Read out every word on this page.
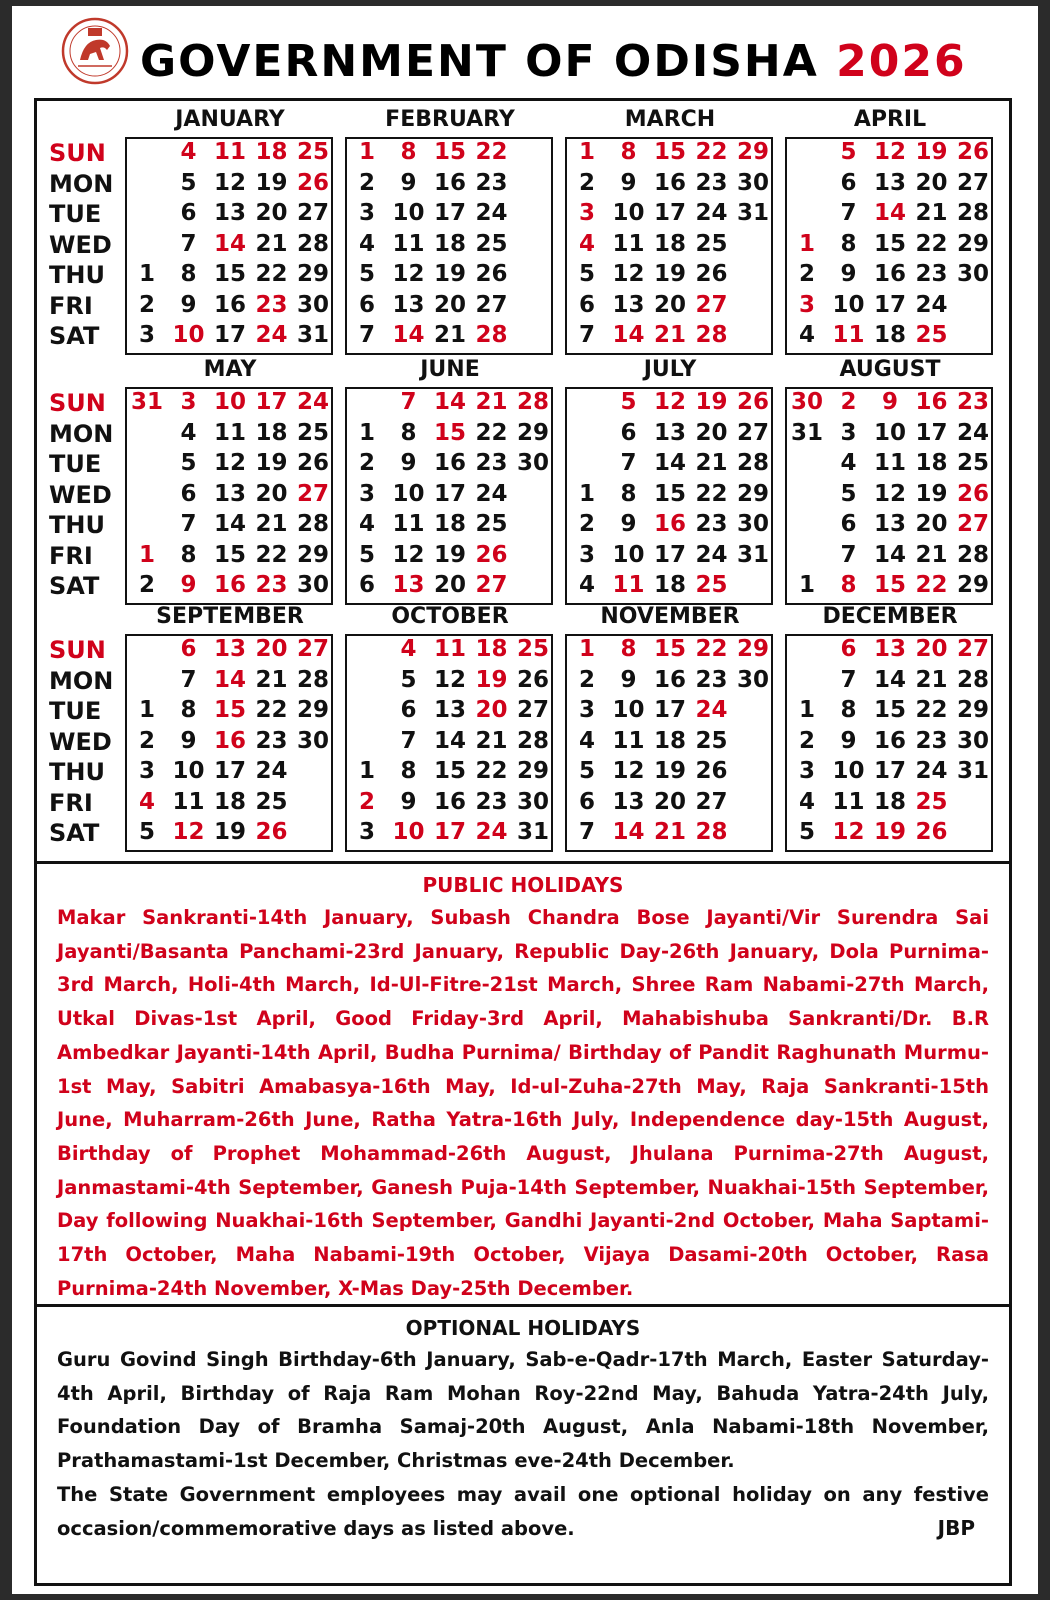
GOVERNMENT OF ODISHA 2026
JANUARY
1
2
3
4
5
6
7
8
9
10
11
12
13
14
15
16
17
18
19
20
21
22
23
24
25
26
27
28
29
30
31
SUN
MON
TUE
WED
THU
FRI
SAT
FEBRUARY
1
2
3
4
5
6
7
8
9
10
11
12
13
14
15
16
17
18
19
20
21
22
23
24
25
26
27
28
MARCH
1
2
3
4
5
6
7
8
9
10
11
12
13
14
15
16
17
18
19
20
21
22
23
24
25
26
27
28
29
30
31
APRIL
1
2
3
4
5
6
7
8
9
10
11
12
13
14
15
16
17
18
19
20
21
22
23
24
25
26
27
28
29
30
MAY
31
1
2
3
4
5
6
7
8
9
10
11
12
13
14
15
16
17
18
19
20
21
22
23
24
25
26
27
28
29
30
SUN
MON
TUE
WED
THU
FRI
SAT
JUNE
1
2
3
4
5
6
7
8
9
10
11
12
13
14
15
16
17
18
19
20
21
22
23
24
25
26
27
28
29
30
JULY
1
2
3
4
5
6
7
8
9
10
11
12
13
14
15
16
17
18
19
20
21
22
23
24
25
26
27
28
29
30
31
AUGUST
30
31
1
2
3
4
5
6
7
8
9
10
11
12
13
14
15
16
17
18
19
20
21
22
23
24
25
26
27
28
29
SEPTEMBER
1
2
3
4
5
6
7
8
9
10
11
12
13
14
15
16
17
18
19
20
21
22
23
24
25
26
27
28
29
30
SUN
MON
TUE
WED
THU
FRI
SAT
OCTOBER
1
2
3
4
5
6
7
8
9
10
11
12
13
14
15
16
17
18
19
20
21
22
23
24
25
26
27
28
29
30
31
NOVEMBER
1
2
3
4
5
6
7
8
9
10
11
12
13
14
15
16
17
18
19
20
21
22
23
24
25
26
27
28
29
30
DECEMBER
1
2
3
4
5
6
7
8
9
10
11
12
13
14
15
16
17
18
19
20
21
22
23
24
25
26
27
28
29
30
31
PUBLIC HOLIDAYS
Makar Sankranti-14th January, Subash Chandra Bose Jayanti/Vir Surendra Sai Jayanti/Basanta Panchami-23rd January, Republic Day-26th January, Dola Purnima-3rd March, Holi-4th March, Id-Ul-Fitre-21st March, Shree Ram Nabami-27th March, Utkal Divas-1st April, Good Friday-3rd April, Mahabishuba Sankranti/Dr. B.R Ambedkar Jayanti-14th April, Budha Purnima/ Birthday of Pandit Raghunath Murmu-1st May, Sabitri Amabasya-16th May, Id-ul-Zuha-27th May, Raja Sankranti-15th June, Muharram-26th June, Ratha Yatra-16th July, Independence day-15th August, Birthday of Prophet Mohammad-26th August, Jhulana Purnima-27th August, Janmastami-4th September, Ganesh Puja-14th September, Nuakhai-15th September, Day following Nuakhai-16th September, Gandhi Jayanti-2nd October, Maha Saptami-17th October, Maha Nabami-19th October, Vijaya Dasami-20th October, Rasa Purnima-24th November, X-Mas Day-25th December.
OPTIONAL HOLIDAYS
Guru Govind Singh Birthday-6th January, Sab-e-Qadr-17th March, Easter Saturday-4th April, Birthday of Raja Ram Mohan Roy-22nd May, Bahuda Yatra-24th July, Foundation Day of Bramha Samaj-20th August, Anla Nabami-18th November, Prathamastami-1st December, Christmas eve-24th December.
The State Government employees may avail one optional holiday on any festive occasion/commemorative days as listed above.	JBP
